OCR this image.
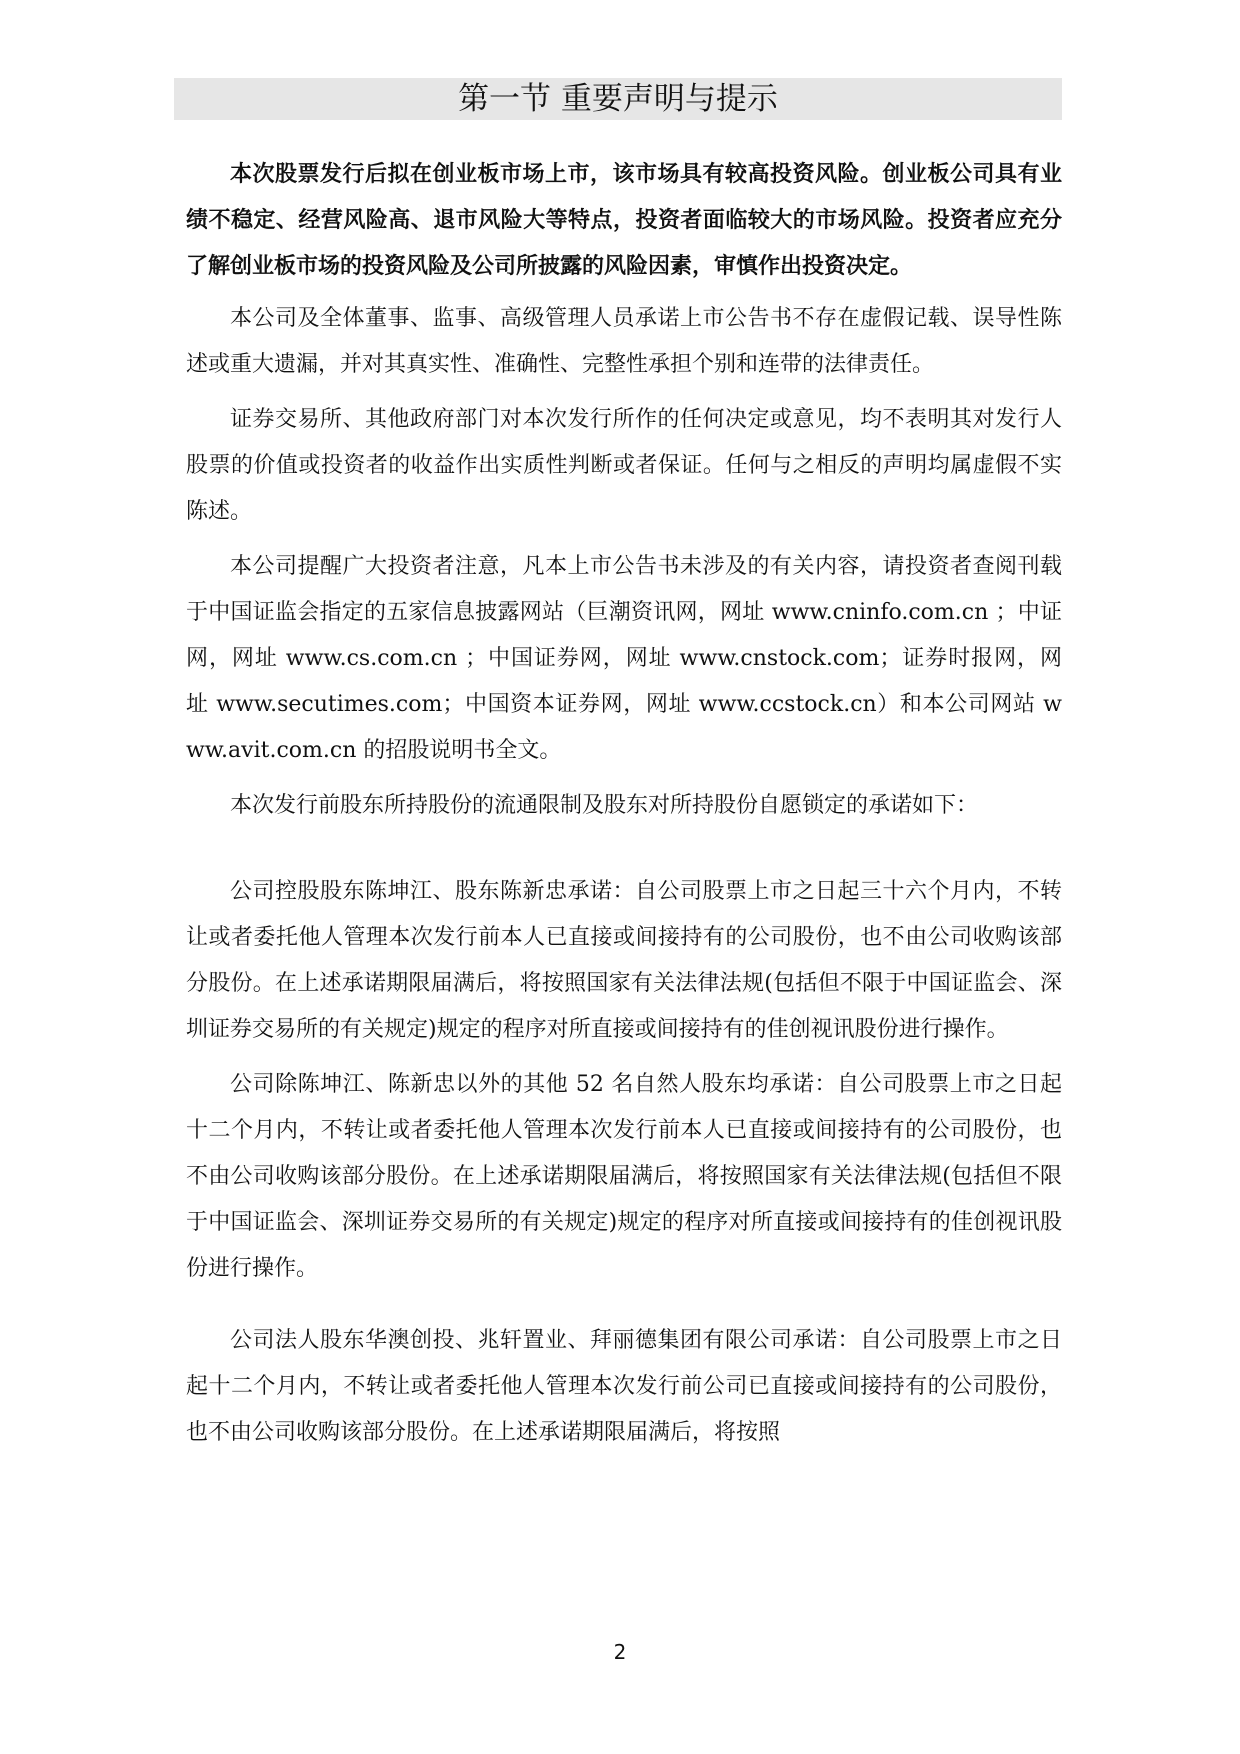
第一节 重要声明与提示

本次股票发行后拟在创业板市场上市，该市场具有较高投资风险。创业板公司具有业绩不稳定、经营风险高、退市风险大等特点，投资者面临较大的市场风险。投资者应充分了解创业板市场的投资风险及公司所披露的风险因素，审慎作出投资决定。

本公司及全体董事、监事、高级管理人员承诺上市公告书不存在虚假记载、误导性陈述或重大遗漏，并对其真实性、准确性、完整性承担个别和连带的法律责任。

证券交易所、其他政府部门对本次发行所作的任何决定或意见，均不表明其对发行人股票的价值或投资者的收益作出实质性判断或者保证。任何与之相反的声明均属虚假不实陈述。

本公司提醒广大投资者注意，凡本上市公告书未涉及的有关内容，请投资者查阅刊载于中国证监会指定的五家信息披露网站（巨潮资讯网，网址 www.cninfo.com.cn ；中证网，网址 www.cs.com.cn ；中国证券网，网址 www.cnstock.com；证券时报网，网址 www.secutimes.com；中国资本证券网，网址 www.ccstock.cn）和本公司网站 www.avit.com.cn 的招股说明书全文。

本次发行前股东所持股份的流通限制及股东对所持股份自愿锁定的承诺如下：

公司控股股东陈坤江、股东陈新忠承诺：自公司股票上市之日起三十六个月内，不转让或者委托他人管理本次发行前本人已直接或间接持有的公司股份，也不由公司收购该部分股份。在上述承诺期限届满后，将按照国家有关法律法规(包括但不限于中国证监会、深圳证券交易所的有关规定)规定的程序对所直接或间接持有的佳创视讯股份进行操作。

公司除陈坤江、陈新忠以外的其他 52 名自然人股东均承诺：自公司股票上市之日起十二个月内，不转让或者委托他人管理本次发行前本人已直接或间接持有的公司股份，也不由公司收购该部分股份。在上述承诺期限届满后，将按照国家有关法律法规(包括但不限于中国证监会、深圳证券交易所的有关规定)规定的程序对所直接或间接持有的佳创视讯股份进行操作。

公司法人股东华澳创投、兆轩置业、拜丽德集团有限公司承诺：自公司股票上市之日起十二个月内，不转让或者委托他人管理本次发行前公司已直接或间接持有的公司股份，也不由公司收购该部分股份。在上述承诺期限届满后，将按照

2
